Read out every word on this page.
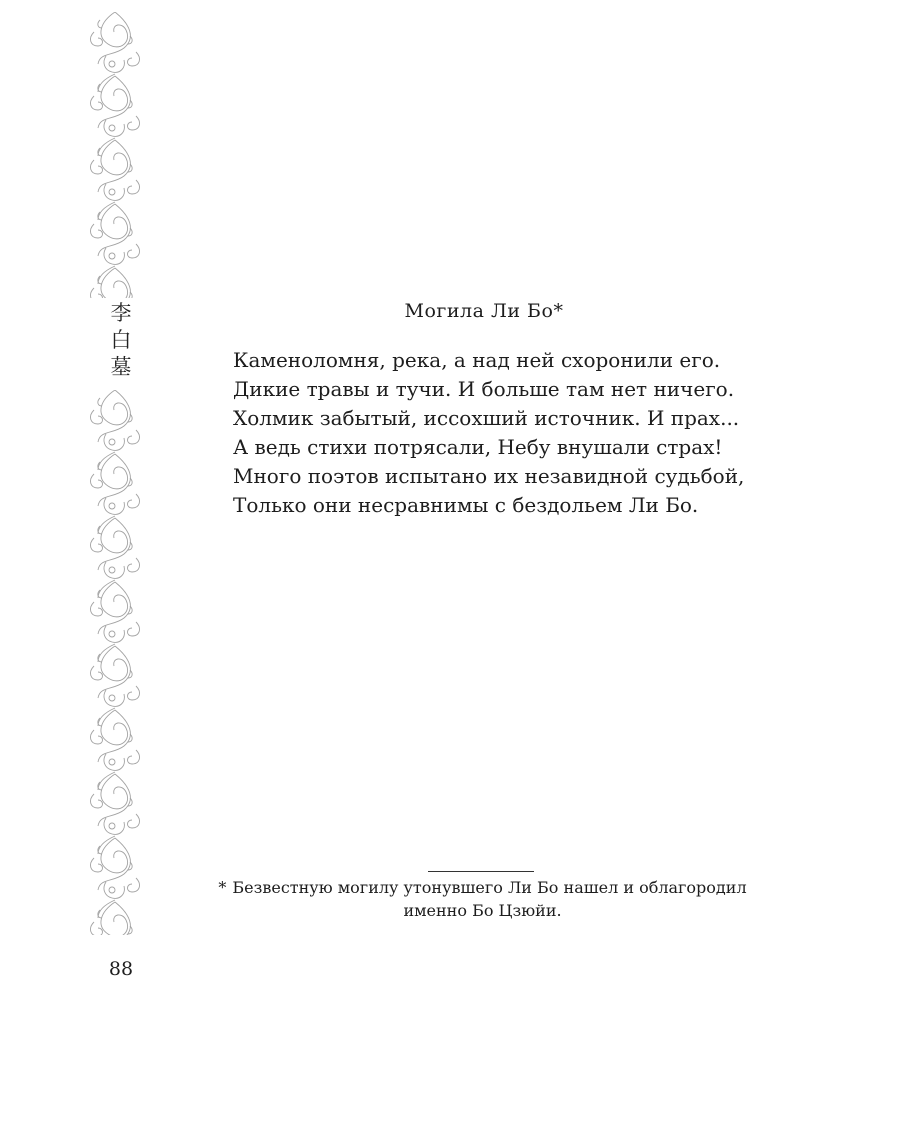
李
白
墓
Могила Ли Бо*
Каменоломня, река, а над ней схоронили его.
Дикие травы и тучи. И больше там нет ничего.
Холмик забытый, иссохший источник. И прах...
А ведь стихи потрясали, Небу внушали страх!
Много поэтов испытано их незавидной судьбой,
Только они несравнимы с бездольем Ли Бо.
* Безвестную могилу утонувшего Ли Бо нашел и облагородил
именно Бо Цзюйи.
88
